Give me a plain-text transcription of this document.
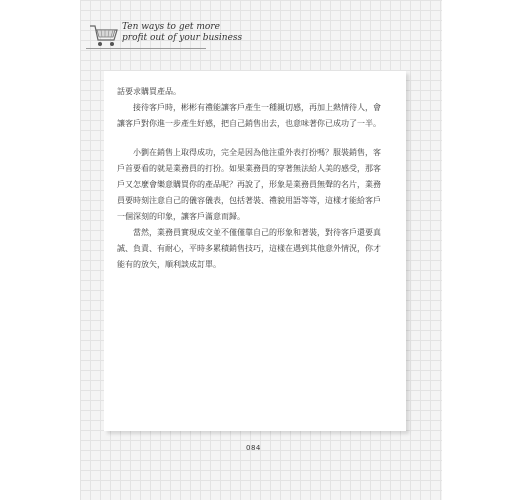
Ten ways to get more
profit out of your business
話要求購買產品。
接待客戶時，彬彬有禮能讓客戶產生一種親切感，再加上熱情待人，會
讓客戶對你進一步產生好感，把自己銷售出去，也意味著你已成功了一半。
小劉在銷售上取得成功，完全是因為他注重外表打扮嗎？服裝銷售，客
戶首要看的就是業務員的打扮。如果業務員的穿著無法給人美的感受，那客
戶又怎麼會樂意購買你的產品呢？再說了，形象是業務員無聲的名片，業務
員要時刻注意自己的儀容儀表，包括著裝、禮貌用語等等，這樣才能給客戶
一個深刻的印象，讓客戶滿意而歸。
當然，業務員實現成交並不僅僅靠自己的形象和著裝，對待客戶還要真
誠、負責、有耐心，平時多累積銷售技巧，這樣在遇到其他意外情況，你才
能有的放矢，順利談成訂單。
084
